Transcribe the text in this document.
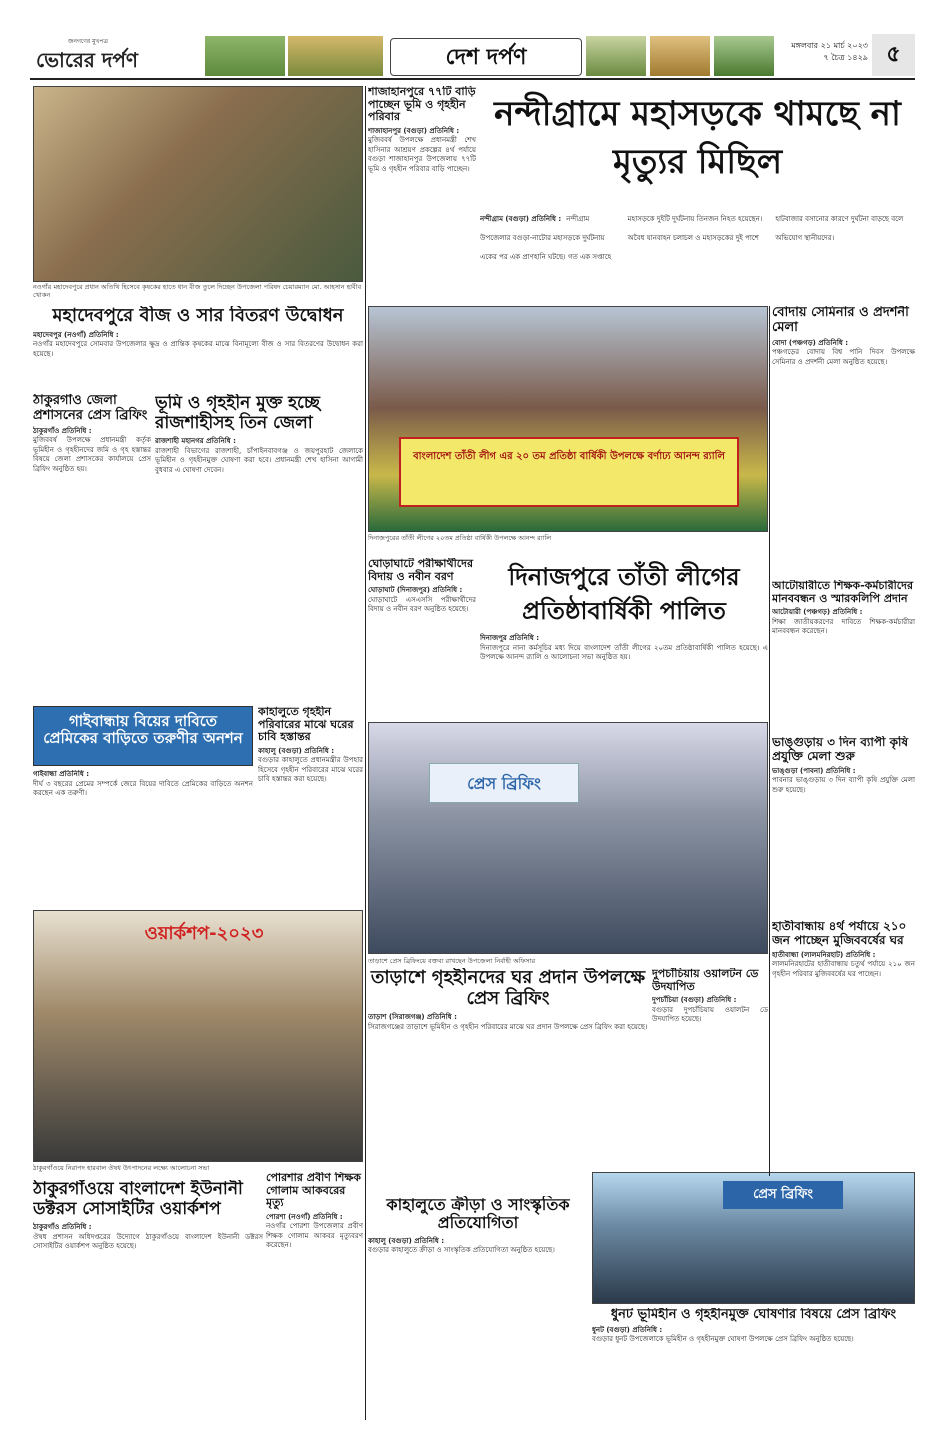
জনগণের মুখপত্র
ভোরের দর্পণ	দেশ দর্পণ	মঙ্গলবার ২১ মার্চ ২০২৩
৭ চৈত্র ১৪২৯ ৫
নওগাঁর মহাদেবপুরে প্রধান অতিথি হিসেবে কৃষকের হাতে ধান বীজ তুলে দিচ্ছেন উপজেলা পরিষদ চেয়ারম্যান মো. আহসান হাবীব খোকন
শাজাহানপুরে ৭৭টি বাড়ি পাচ্ছেন ভূমি ও গৃহহীন পরিবার
শাজাহানপুর (বগুড়া) প্রতিনিধি :
মুজিববর্ষ উপলক্ষে প্রধানমন্ত্রী শেখ হাসিনার আশ্রয়ণ প্রকল্পের ৪র্থ পর্যায়ে বগুড়া শাজাহানপুর উপজেলায় ৭৭টি ভূমি ও গৃহহীন পরিবার বাড়ি পাচ্ছেন।
নন্দীগ্রামে মহাসড়কে থামছে না মৃত্যুর মিছিল
নন্দীগ্রাম (বগুড়া) প্রতিনিধি : নন্দীগ্রাম উপজেলার বগুড়া-নাটোর মহাসড়কে দুর্ঘটনায় একের পর এক প্রাণহানি ঘটছে। গত এক সপ্তাহে মহাসড়কে দুইটি দুর্ঘটনায় তিনজন নিহত হয়েছেন। অবৈধ যানবাহন চলাচল ও মহাসড়কের দুই পাশে হাটবাজার বসানোর কারণে দুর্ঘটনা বাড়ছে বলে অভিযোগ স্থানীয়দের।
মহাদেবপুরে বীজ ও সার বিতরণ উদ্বোধন
মহাদেবপুর (নওগাঁ) প্রতিনিধি :
নওগাঁর মহাদেবপুরে সোমবার উপজেলার ক্ষুদ্র ও প্রান্তিক কৃষকের মাঝে বিনামূল্যে বীজ ও সার বিতরণের উদ্বোধন করা হয়েছে।
বাংলাদেশ তাঁতী লীগ এর ২০ তম প্রতিষ্ঠা বার্ষিকী উপলক্ষে বর্ণাঢ্য আনন্দ র‌্যালি
দিনাজপুরের তাঁতী লীগের ২০তম প্রতিষ্ঠা বার্ষিকী উপলক্ষে আনন্দ র‌্যালি
বোদায় সেমিনার ও প্রদর্শনী মেলা
বোদা (পঞ্চগড়) প্রতিনিধি :
পঞ্চগড়ের বোদায় বিশ্ব পানি দিবস উপলক্ষে সেমিনার ও প্রদর্শনী মেলা অনুষ্ঠিত হয়েছে।
ঠাকুরগাঁও জেলা প্রশাসনের প্রেস ব্রিফিং
ঠাকুরগাঁও প্রতিনিধি :
মুজিববর্ষ উপলক্ষে প্রধানমন্ত্রী কর্তৃক ভূমিহীন ও গৃহহীনদের জমি ও গৃহ হস্তান্তর বিষয়ে জেলা প্রশাসকের কার্যালয়ে প্রেস ব্রিফিং অনুষ্ঠিত হয়।
ভূমি ও গৃহহীন মুক্ত হচ্ছে রাজশাহীসহ তিন জেলা
রাজশাহী মহানগর প্রতিনিধি :
রাজশাহী বিভাগের রাজশাহী, চাঁপাইনবাবগঞ্জ ও জয়পুরহাট জেলাকে ভূমিহীন ও গৃহহীনমুক্ত ঘোষণা করা হবে। প্রধানমন্ত্রী শেখ হাসিনা আগামী বুধবার এ ঘোষণা দেবেন।
ঘোড়াঘাটে পরীক্ষার্থীদের বিদায় ও নবীন বরণ
ঘোড়াঘাট (দিনাজপুর) প্রতিনিধি :
ঘোড়াঘাটে এসএসসি পরীক্ষার্থীদের বিদায় ও নবীন বরণ অনুষ্ঠিত হয়েছে।
দিনাজপুরে তাঁতী লীগের প্রতিষ্ঠাবার্ষিকী পালিত
দিনাজপুর প্রতিনিধি :
দিনাজপুরে নানা কর্মসূচির মধ্য দিয়ে বাংলাদেশ তাঁতী লীগের ২০তম প্রতিষ্ঠাবার্ষিকী পালিত হয়েছে। এ উপলক্ষে আনন্দ র‌্যালি ও আলোচনা সভা অনুষ্ঠিত হয়।
আটোয়ারীতে শিক্ষক-কর্মচারীদের মানববন্ধন ও স্মারকলিপি প্রদান
আটোয়ারী (পঞ্চগড়) প্রতিনিধি :
শিক্ষা জাতীয়করণের দাবিতে শিক্ষক-কর্মচারীরা মানববন্ধন করেছেন।
গাইবান্ধায় বিয়ের দাবিতে প্রেমিকের বাড়িতে তরুণীর অনশন
গাইবান্ধা প্রতিনিধি :
দীর্ঘ ৩ বছরের প্রেমের সম্পর্কে জেরে বিয়ের দাবিতে প্রেমিকের বাড়িতে অনশন করছেন এক তরুণী।
কাহালুতে গৃহহীন পরিবারের মাঝে ঘরের চাবি হস্তান্তর
কাহালু (বগুড়া) প্রতিনিধি :
বগুড়ার কাহালুতে প্রধানমন্ত্রীর উপহার হিসেবে গৃহহীন পরিবারের মাঝে ঘরের চাবি হস্তান্তর করা হয়েছে।	প্রেস ব্রিফিং
তাড়াশে প্রেস ব্রিফিংয়ে বক্তব্য রাখছেন উপজেলা নির্বাহী অফিসার
ভাঙ্গুড়ায় ৩ দিন ব্যাপী কৃষি প্রযুক্তি মেলা শুরু
ভাঙ্গুড়া (পাবনা) প্রতিনিধি :
পাবনার ভাঙ্গুড়ায় ৩ দিন ব্যাপী কৃষি প্রযুক্তি মেলা শুরু হয়েছে।
হাতীবান্ধায় ৪র্থ পর্যায়ে ২১০ জন পাচ্ছেন মুজিববর্ষের ঘর
হাতীবান্ধা (লালমনিরহাট) প্রতিনিধি :
লালমনিরহাটের হাতীবান্ধায় চতুর্থ পর্যায়ে ২১০ জন গৃহহীন পরিবার মুজিববর্ষের ঘর পাচ্ছেন।
ওয়ার্কশপ-২০২৩
ঠাকুরগাঁওয়ে নিরাপদ হারবাল ঔষধ উৎপাদনের লক্ষ্যে আলোচনা সভা
তাড়াশে গৃহহীনদের ঘর প্রদান উপলক্ষে প্রেস ব্রিফিং
তাড়াশ (সিরাজগঞ্জ) প্রতিনিধি :
সিরাজগঞ্জের তাড়াশে ভূমিহীন ও গৃহহীন পরিবারের মাঝে ঘর প্রদান উপলক্ষে প্রেস ব্রিফিং করা হয়েছে।
দুপচাঁচিয়ায় ওয়ালটন ডে উদযাপিত
দুপচাঁচিয়া (বগুড়া) প্রতিনিধি :
বগুড়ার দুপচাঁচিয়ায় ওয়ালটন ডে উদযাপিত হয়েছে।
ঠাকুরগাঁওয়ে বাংলাদেশ ইউনানী ডক্টরস সোসাইটির ওয়ার্কশপ
ঠাকুরগাঁও প্রতিনিধি :
ঔষধ প্রশাসন অধিদপ্তরের উদ্যোগে ঠাকুরগাঁওয়ে বাংলাদেশ ইউনানী ডক্টরস সোসাইটির ওয়ার্কশপ অনুষ্ঠিত হয়েছে।
পোরশার প্রবীণ শিক্ষক গোলাম আকবরের মৃত্যু
পোরশা (নওগাঁ) প্রতিনিধি :
নওগাঁর পোরশা উপজেলার প্রবীণ শিক্ষক গোলাম আকবর মৃত্যুবরণ করেছেন।
কাহালুতে ক্রীড়া ও সাংস্কৃতিক প্রতিযোগিতা
কাহালু (বগুড়া) প্রতিনিধি :
বগুড়ার কাহালুতে ক্রীড়া ও সাংস্কৃতিক প্রতিযোগিতা অনুষ্ঠিত হয়েছে।
প্রেস ব্রিফিং
ধুনট ভূমিহীন ও গৃহহীনমুক্ত ঘোষণার বিষয়ে প্রেস ব্রিফিং
ধুনট (বগুড়া) প্রতিনিধি :
বগুড়ার ধুনট উপজেলাকে ভূমিহীন ও গৃহহীনমুক্ত ঘোষণা উপলক্ষে প্রেস ব্রিফিং অনুষ্ঠিত হয়েছে।
